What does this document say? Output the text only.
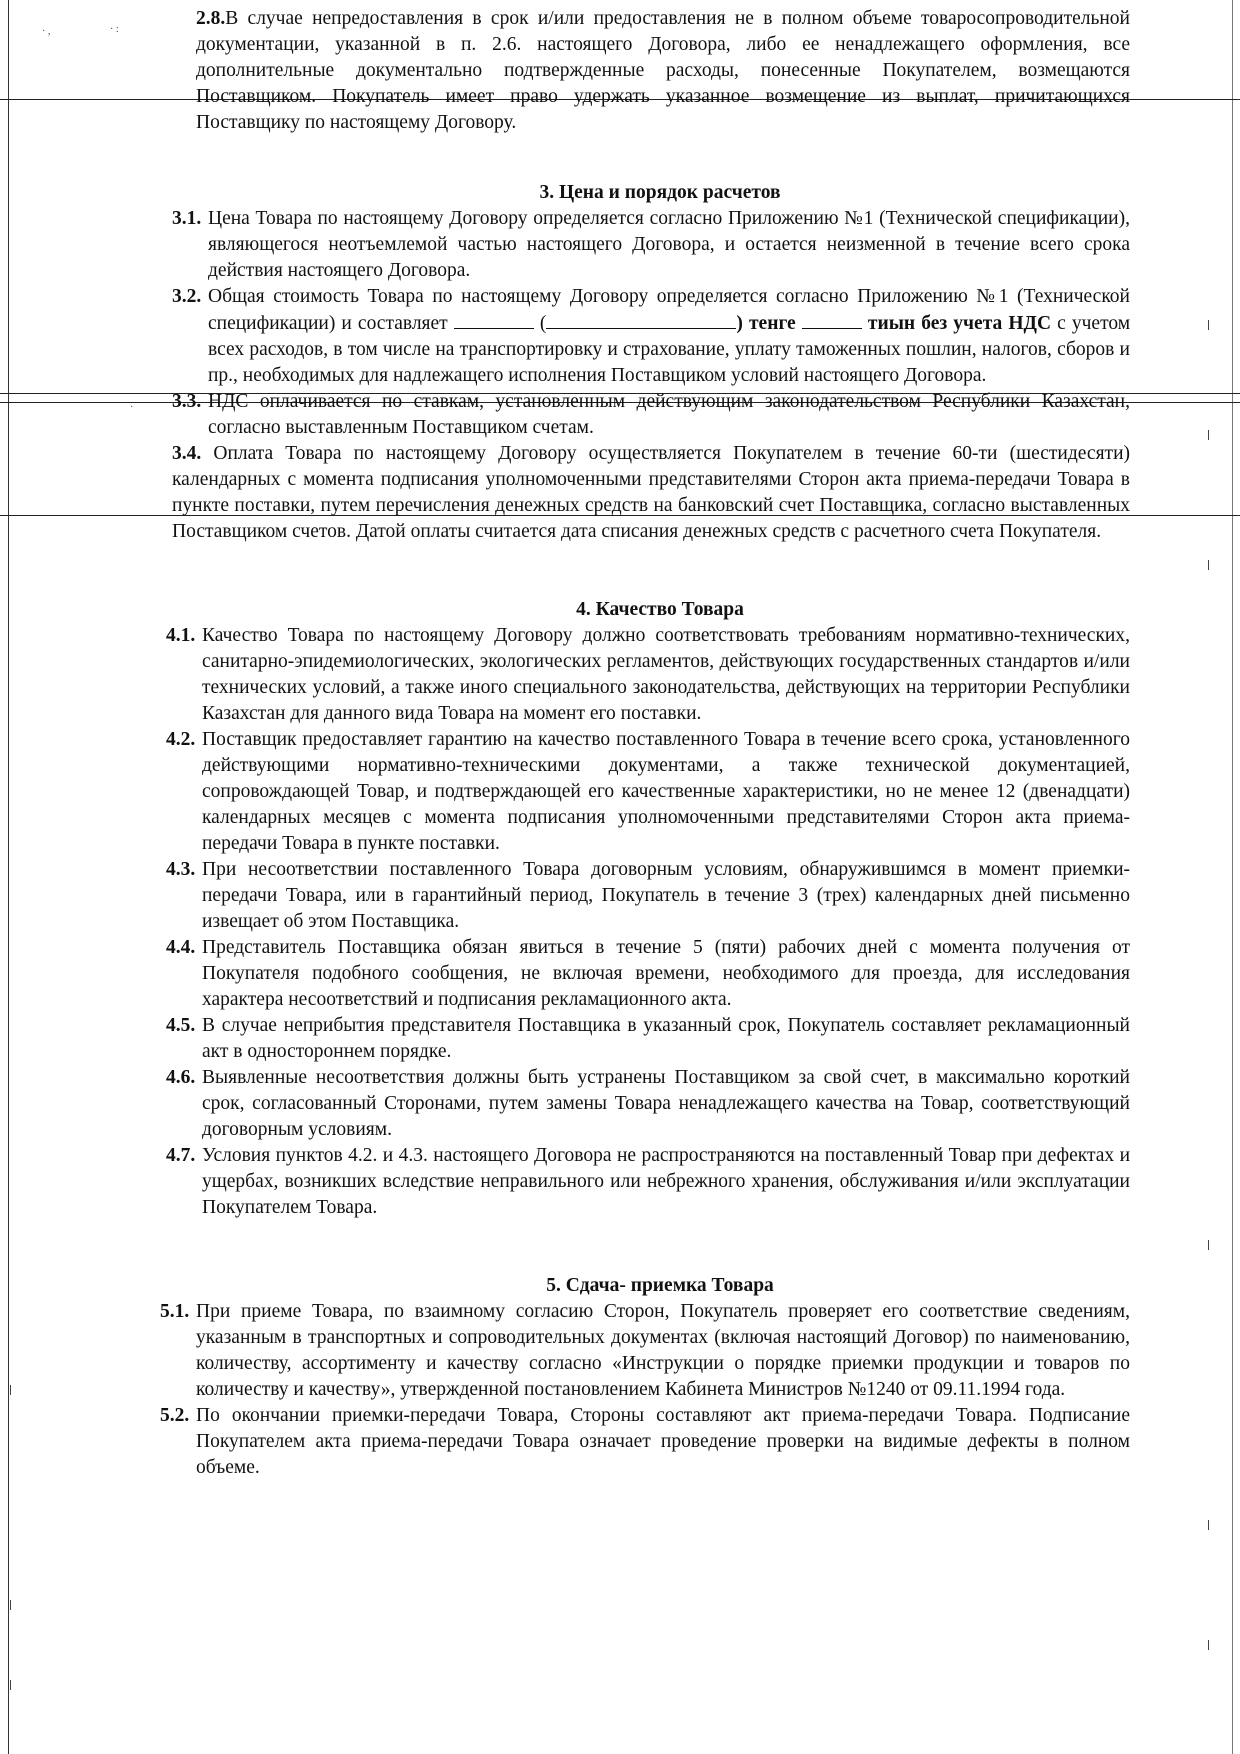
· ,	· :
·
2.8.В случае непредоставления в срок и/или предоставления не в полном объеме товаросопроводительной документации, указанной в п. 2.6. настоящего Договора, либо ее ненадлежащего оформления, все дополнительные документально подтвержденные расходы, понесенные Покупателем, возмещаются Поставщиком. Покупатель имеет право удержать указанное возмещение из выплат, причитающихся Поставщику по настоящему Договору.
3. Цена и порядок расчетов
3.1. Цена Товара по настоящему Договору определяется согласно Приложению №1 (Технической спецификации), являющегося неотъемлемой частью настоящего Договора, и остается неизменной в течение всего срока действия настоящего Договора.
3.2. Общая стоимость Товара по настоящему Договору определяется согласно Приложению №1 (Технической спецификации) и составляет	(	) тенге	тиын без учета НДС с учетом всех расходов, в том числе на транспортировку и страхование, уплату таможенных пошлин, налогов, сборов и пр., необходимых для надлежащего исполнения Поставщиком условий настоящего Договора.
3.3. НДС оплачивается по ставкам, установленным действующим законодательством Республики Казахстан, согласно выставленным Поставщиком счетам.
3.4. Оплата Товара по настоящему Договору осуществляется Покупателем в течение 60-ти (шестидесяти) календарных с момента подписания уполномоченными представителями Сторон акта приема-передачи Товара в пункте поставки, путем перечисления денежных средств на банковский счет Поставщика, согласно выставленных Поставщиком счетов. Датой оплаты считается дата списания денежных средств с расчетного счета Покупателя.
4. Качество Товара
4.1. Качество Товара по настоящему Договору должно соответствовать требованиям нормативно-технических, санитарно-эпидемиологических, экологических регламентов, действующих государственных стандартов и/или технических условий, а также иного специального законодательства, действующих на территории Республики Казахстан для данного вида Товара на момент его поставки.
4.2. Поставщик предоставляет гарантию на качество поставленного Товара в течение всего срока, установленного действующими нормативно-техническими документами, а также технической документацией, сопровождающей Товар, и подтверждающей его качественные характеристики, но не менее 12 (двенадцати) календарных месяцев с момента подписания уполномоченными представителями Сторон акта приема-передачи Товара в пункте поставки.
4.3. При несоответствии поставленного Товара договорным условиям, обнаружившимся в момент приемки-передачи Товара, или в гарантийный период, Покупатель в течение 3 (трех) календарных дней письменно извещает об этом Поставщика.
4.4. Представитель Поставщика обязан явиться в течение 5 (пяти) рабочих дней с момента получения от Покупателя подобного сообщения, не включая времени, необходимого для проезда, для исследования характера несоответствий и подписания рекламационного акта.
4.5. В случае неприбытия представителя Поставщика в указанный срок, Покупатель составляет рекламационный акт в одностороннем порядке.
4.6. Выявленные несоответствия должны быть устранены Поставщиком за свой счет, в максимально короткий срок, согласованный Сторонами, путем замены Товара ненадлежащего качества на Товар, соответствующий договорным условиям.
4.7. Условия пунктов 4.2. и 4.3. настоящего Договора не распространяются на поставленный Товар при дефектах и ущербах, возникших вследствие неправильного или небрежного хранения, обслуживания и/или эксплуатации Покупателем Товара.
5. Сдача- приемка Товара
5.1. При приеме Товара, по взаимному согласию Сторон, Покупатель проверяет его соответствие сведениям, указанным в транспортных и сопроводительных документах (включая настоящий Договор) по наименованию, количеству, ассортименту и качеству согласно «Инструкции о порядке приемки продукции и товаров по количеству и качеству», утвержденной постановлением Кабинета Министров №1240 от 09.11.1994 года.
5.2. По окончании приемки-передачи Товара, Стороны составляют акт приема-передачи Товара. Подписание Покупателем акта приема-передачи Товара означает проведение проверки на видимые дефекты в полном объеме.
